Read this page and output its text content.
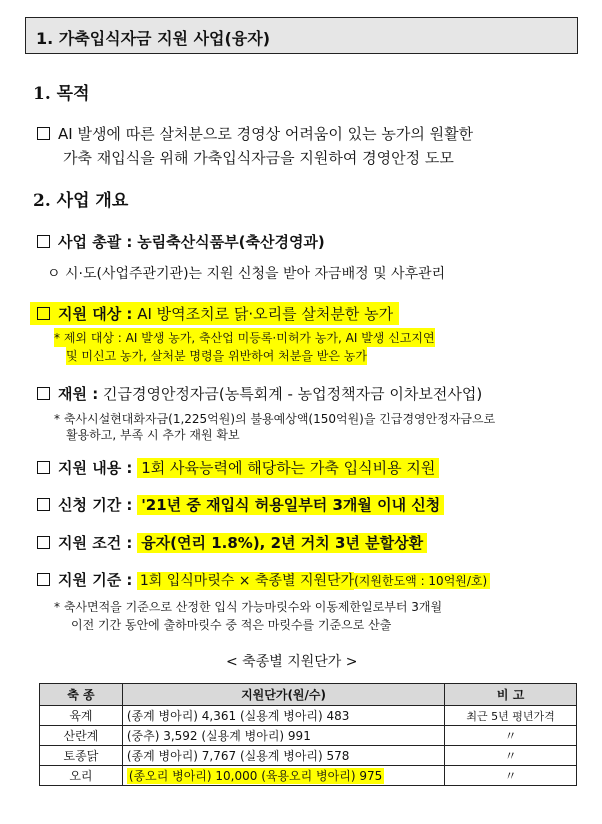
1. 가축입식자금 지원 사업(융자)
1. 목적
AI 발생에 따른 살처분으로 경영상 어려움이 있는 농가의 원활한
가축 재입식을 위해 가축입식자금을 지원하여 경영안정 도모
2. 사업 개요
사업 총괄 : 농림축산식품부(축산경영과)
ㅇ 시·도(사업주관기관)는 지원 신청을 받아 자금배정 및 사후관리
지원 대상 : AI 방역조치로 닭·오리를 살처분한 농가
* 제외 대상 : AI 발생 농가, 축산업 미등록·미허가 농가, AI 발생 신고지연
및 미신고 농가, 살처분 명령을 위반하여 처분을 받은 농가
재원 : 긴급경영안정자금(농특회계 - 농업정책자금 이차보전사업)
* 축사시설현대화자금(1,225억원)의 불용예상액(150억원)을 긴급경영안정자금으로
활용하고, 부족 시 추가 재원 확보
지원 내용 : 1회 사육능력에 해당하는 가축 입식비용 지원
신청 기간 : '21년 중 재입식 허용일부터 3개월 이내 신청
지원 조건 : 융자(연리 1.8%), 2년 거치 3년 분할상환
지원 기준 : 1회 입식마릿수 × 축종별 지원단가(지원한도액 : 10억원/호)
* 축사면적을 기준으로 산정한 입식 가능마릿수와 이동제한일로부터 3개월
이전 기간 동안에 출하마릿수 중 적은 마릿수를 기준으로 산출
< 축종별 지원단가 >
축 종	지원단가(원/수)	비 고
육계	(종계 병아리) 4,361 (실용계 병아리) 483	최근 5년 평년가격
산란계	(중추) 3,592 (실용계 병아리) 991	〃
토종닭	(종계 병아리) 7,767 (실용계 병아리) 578	〃
오리	(종오리 병아리) 10,000 (육용오리 병아리) 975	〃
